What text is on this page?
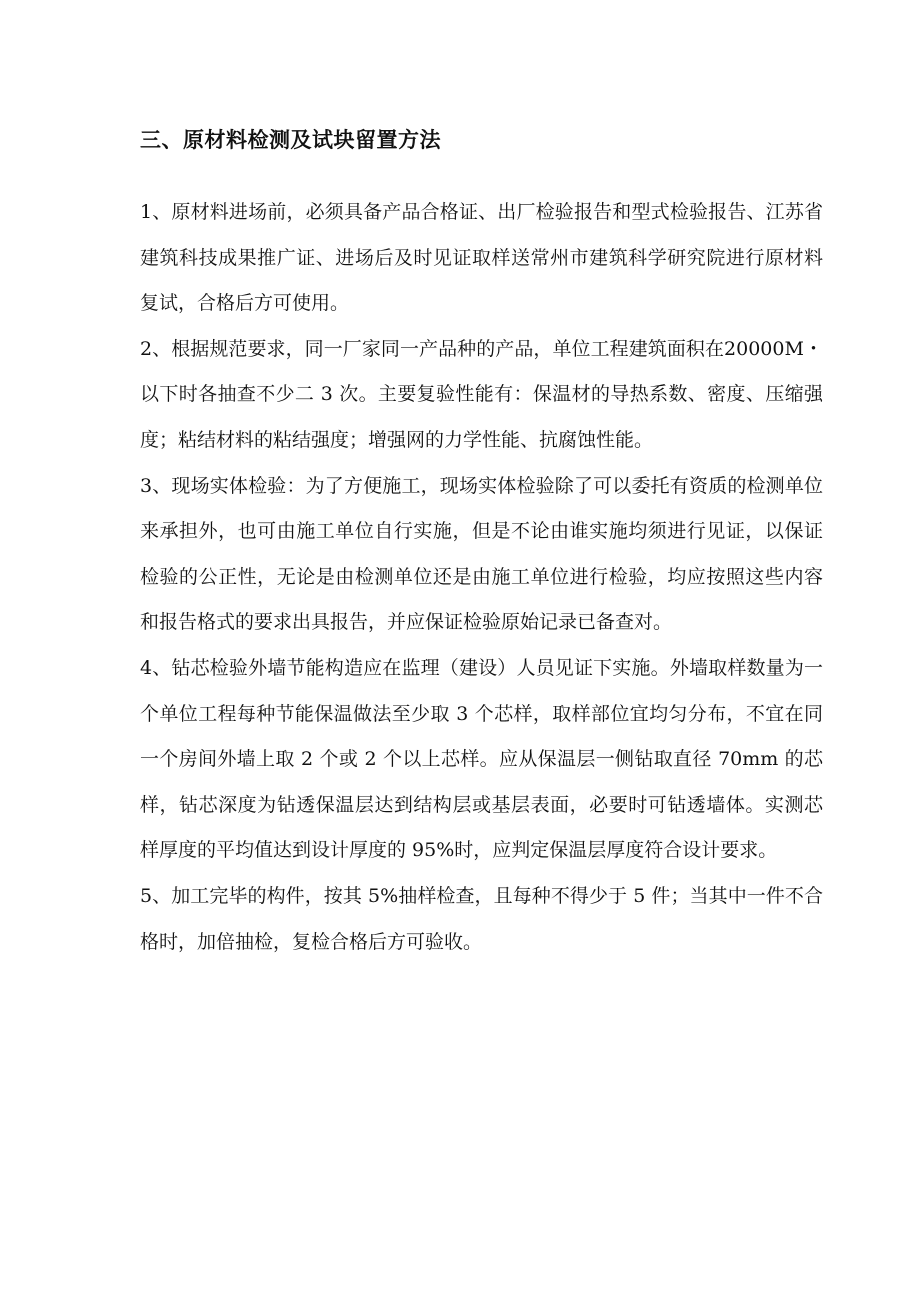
三、原材料检测及试块留置方法

1、原材料进场前，必须具备产品合格证、出厂检验报告和型式检验报告、江苏省建筑科技成果推广证、进场后及时见证取样送常州市建筑科学研究院进行原材料复试，合格后方可使用。

2、根据规范要求，同一厂家同一产品种的产品，单位工程建筑面积在20000M・以下时各抽查不少二 3 次。主要复验性能有：保温材的导热系数、密度、压缩强度；粘结材料的粘结强度；增强网的力学性能、抗腐蚀性能。

3、现场实体检验：为了方便施工，现场实体检验除了可以委托有资质的检测单位来承担外，也可由施工单位自行实施，但是不论由谁实施均须进行见证，以保证检验的公正性，无论是由检测单位还是由施工单位进行检验，均应按照这些内容和报告格式的要求出具报告，并应保证检验原始记录已备查对。

4、钻芯检验外墙节能构造应在监理（建设）人员见证下实施。外墙取样数量为一个单位工程每种节能保温做法至少取 3 个芯样，取样部位宜均匀分布，不宜在同一个房间外墙上取 2 个或 2 个以上芯样。应从保温层一侧钻取直径 70mm 的芯样，钻芯深度为钻透保温层达到结构层或基层表面，必要时可钻透墙体。实测芯样厚度的平均值达到设计厚度的 95%时，应判定保温层厚度符合设计要求。

5、加工完毕的构件，按其 5%抽样检查，且每种不得少于 5 件；当其中一件不合格时，加倍抽检，复检合格后方可验收。
